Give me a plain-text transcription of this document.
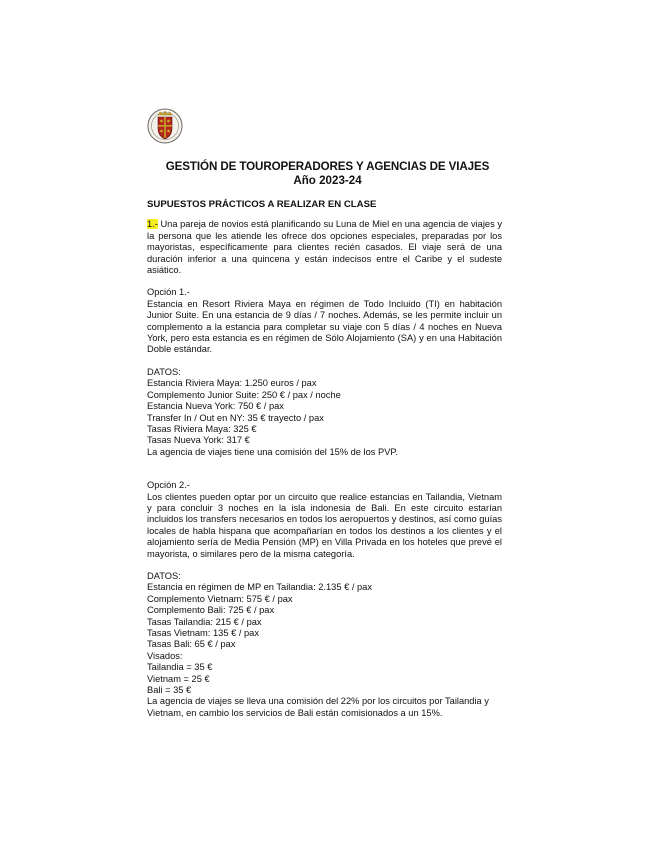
GESTIÓN DE TOUROPERADORES Y AGENCIAS DE VIAJES
Año 2023-24
SUPUESTOS PRÁCTICOS A REALIZAR EN CLASE

1.- Una pareja de novios está planificando su Luna de Miel en una agencia de viajes y la persona que les atiende les ofrece dos opciones especiales, preparadas por los mayoristas, específicamente para clientes recién casados. El viaje será de una duración inferior a una quincena y están indecisos entre el Caribe y el sudeste asiático.

Opción 1.-

Estancia en Resort Riviera Maya en régimen de Todo Incluido (TI) en habitación Junior Suite. En una estancia de 9 días / 7 noches. Además, se les permite incluir un complemento a la estancia para completar su viaje con 5 días / 4 noches en Nueva York, pero esta estancia es en régimen de Sólo Alojamiento (SA) y en una Habitación Doble estándar.

DATOS:

Estancia Riviera Maya: 1.250 euros / pax

Complemento Junior Suite: 250 € / pax / noche

Estancia Nueva York: 750 € / pax

Transfer In / Out en NY: 35 € trayecto / pax

Tasas Riviera Maya: 325 €

Tasas Nueva York: 317 €

La agencia de viajes tiene una comisión del 15% de los PVP.

Opción 2.-

Los clientes pueden optar por un circuito que realice estancias en Tailandia, Vietnam y para concluir 3 noches en la isla indonesia de Bali. En este circuito estarían incluidos los transfers necesarios en todos los aeropuertos y destinos, así como guías locales de habla hispana que acompañarían en todos los destinos a los clientes y el alojamiento sería de Media Pensión (MP) en Villa Privada en los hoteles que prevé el mayorista, o similares pero de la misma categoría.

DATOS:

Estancia en régimen de MP en Tailandia: 2.135 € / pax

Complemento Vietnam: 575 € / pax

Complemento Bali: 725 € / pax

Tasas Tailandia: 215 € / pax

Tasas Vietnam: 135 € / pax

Tasas Bali: 65 € / pax

Visados:

Tailandia = 35 €

Vietnam = 25 €

Bali = 35 €

La agencia de viajes se lleva una comisión del 22% por los circuitos por Tailandia y Vietnam, en cambio los servicios de Bali están comisionados a un 15%.
